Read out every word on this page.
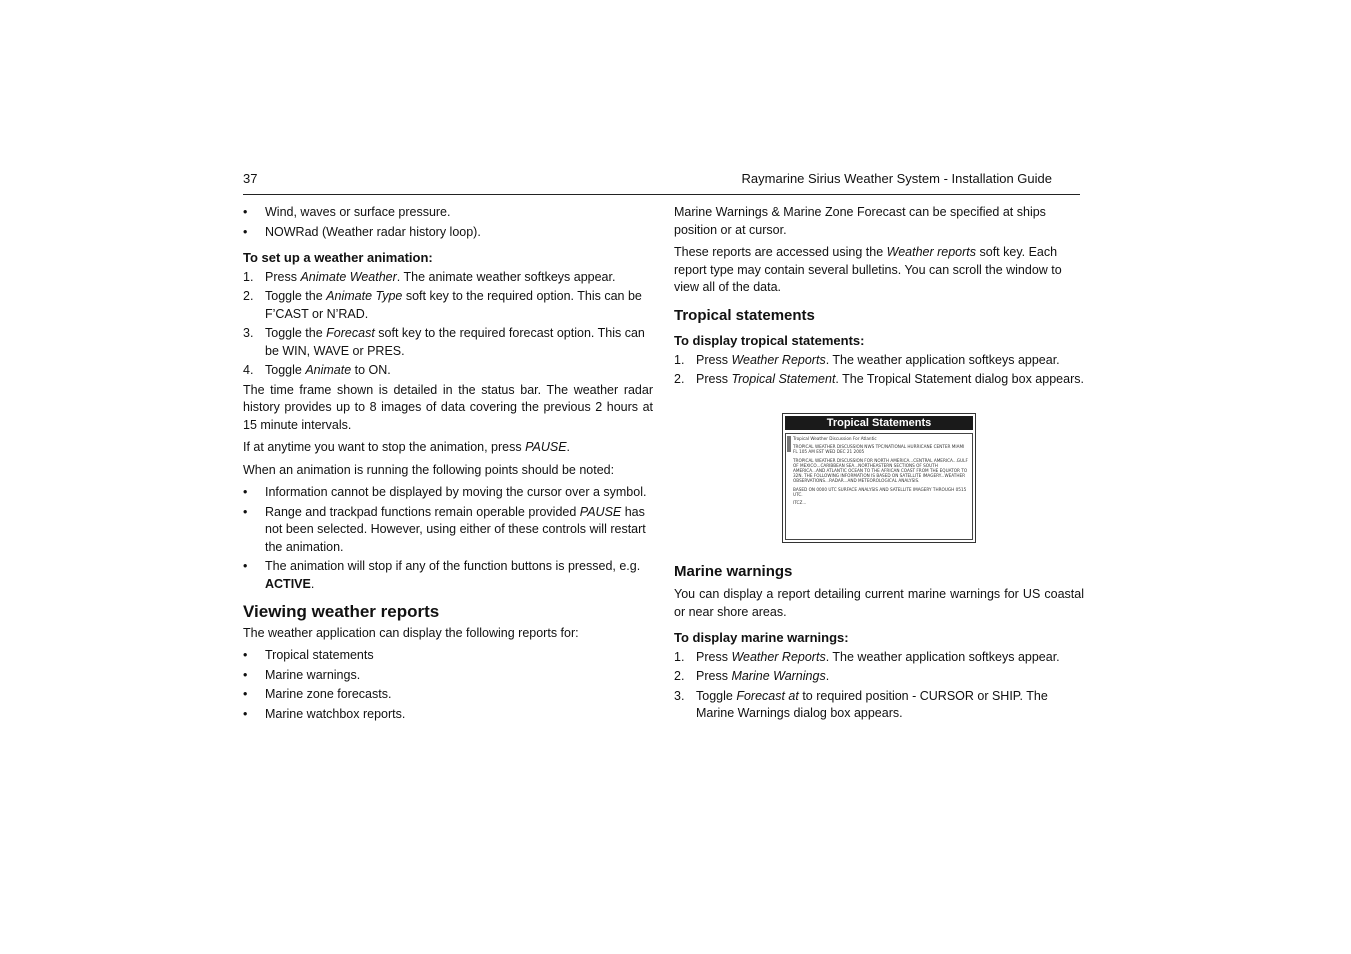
37	Raymarine Sirius Weather System - Installation Guide
• Wind, waves or surface pressure.
• NOWRad (Weather radar history loop).
To set up a weather animation:
1. Press Animate Weather. The animate weather softkeys appear.
2. Toggle the Animate Type soft key to the required option. This can be F’CAST or N’RAD.
3. Toggle the Forecast soft key to the required forecast option. This can be WIN, WAVE or PRES.
4. Toggle Animate to ON.

The time frame shown is detailed in the status bar. The weather radar history provides up to 8 images of data covering the previous 2 hours at 15 minute intervals.

If at anytime you want to stop the animation, press PAUSE.

When an animation is running the following points should be noted:

• Information cannot be displayed by moving the cursor over a symbol.
• Range and trackpad functions remain operable provided PAUSE has not been selected. However, using either of these controls will restart the animation.
• The animation will stop if any of the function buttons is pressed, e.g. ACTIVE.
Viewing weather reports

The weather application can display the following reports for:

• Tropical statements
• Marine warnings.
• Marine zone forecasts.
• Marine watchbox reports.

Marine Warnings & Marine Zone Forecast can be specified at ships position or at cursor.

These reports are accessed using the Weather reports soft key. Each report type may contain several bulletins. You can scroll the window to view all of the data.

Tropical statements
To display tropical statements:
1. Press Weather Reports. The weather application softkeys appear.
2. Press Tropical Statement. The Tropical Statement dialog box appears.
Marine warnings

You can display a report detailing current marine warnings for US coastal or near shore areas.

To display marine warnings:
1. Press Weather Reports. The weather application softkeys appear.
2. Press Marine Warnings.
3. Toggle Forecast at to required position - CURSOR or SHIP. The Marine Warnings dialog box appears.
Tropical Statements
Tropical Weather Discussion For Atlantic
TROPICAL WEATHER DISCUSSION NWS TPC/NATIONAL HURRICANE CENTER MIAMI FL 105 AM EST WED DEC 21 2005
TROPICAL WEATHER DISCUSSION FOR NORTH AMERICA...CENTRAL AMERICA...GULF OF MEXICO...CARIBBEAN SEA...NORTHEASTERN SECTIONS OF SOUTH AMERICA...AND ATLANTIC OCEAN TO THE AFRICAN COAST FROM THE EQUATOR TO 32N. THE FOLLOWING INFORMATION IS BASED ON SATELLITE IMAGERY...WEATHER OBSERVATIONS...RADAR...AND METEOROLOGICAL ANALYSIS.
BASED ON 0000 UTC SURFACE ANALYSIS AND SATELLITE IMAGERY THROUGH 0515 UTC.
ITCZ...
